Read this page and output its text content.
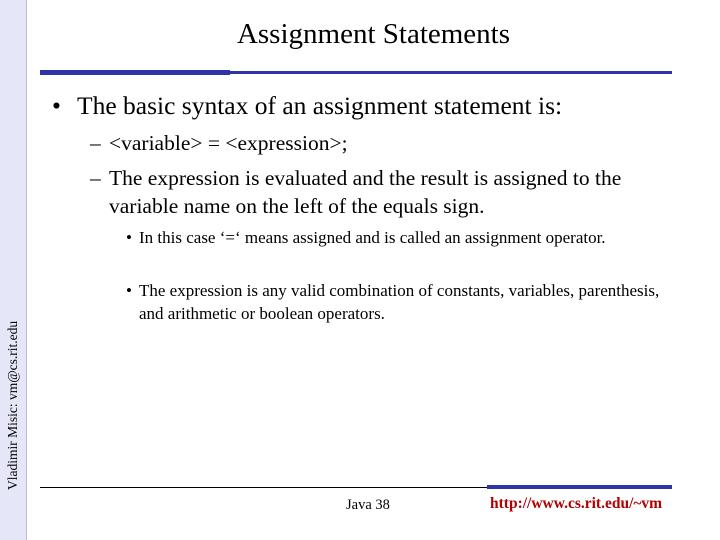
Vladimir Misic: vm@cs.rit.edu
Assignment Statements
• The basic syntax of an assignment statement is:
– <variable> = <expression>;
– The expression is evaluated and the result is assigned to the variable name on the left of the equals sign.
• In this case ‘=‘ means assigned and is called an assignment operator.
• The expression is any valid combination of constants, variables, parenthesis, and arithmetic or boolean operators.
Java 38	http://www.cs.rit.edu/~vm
